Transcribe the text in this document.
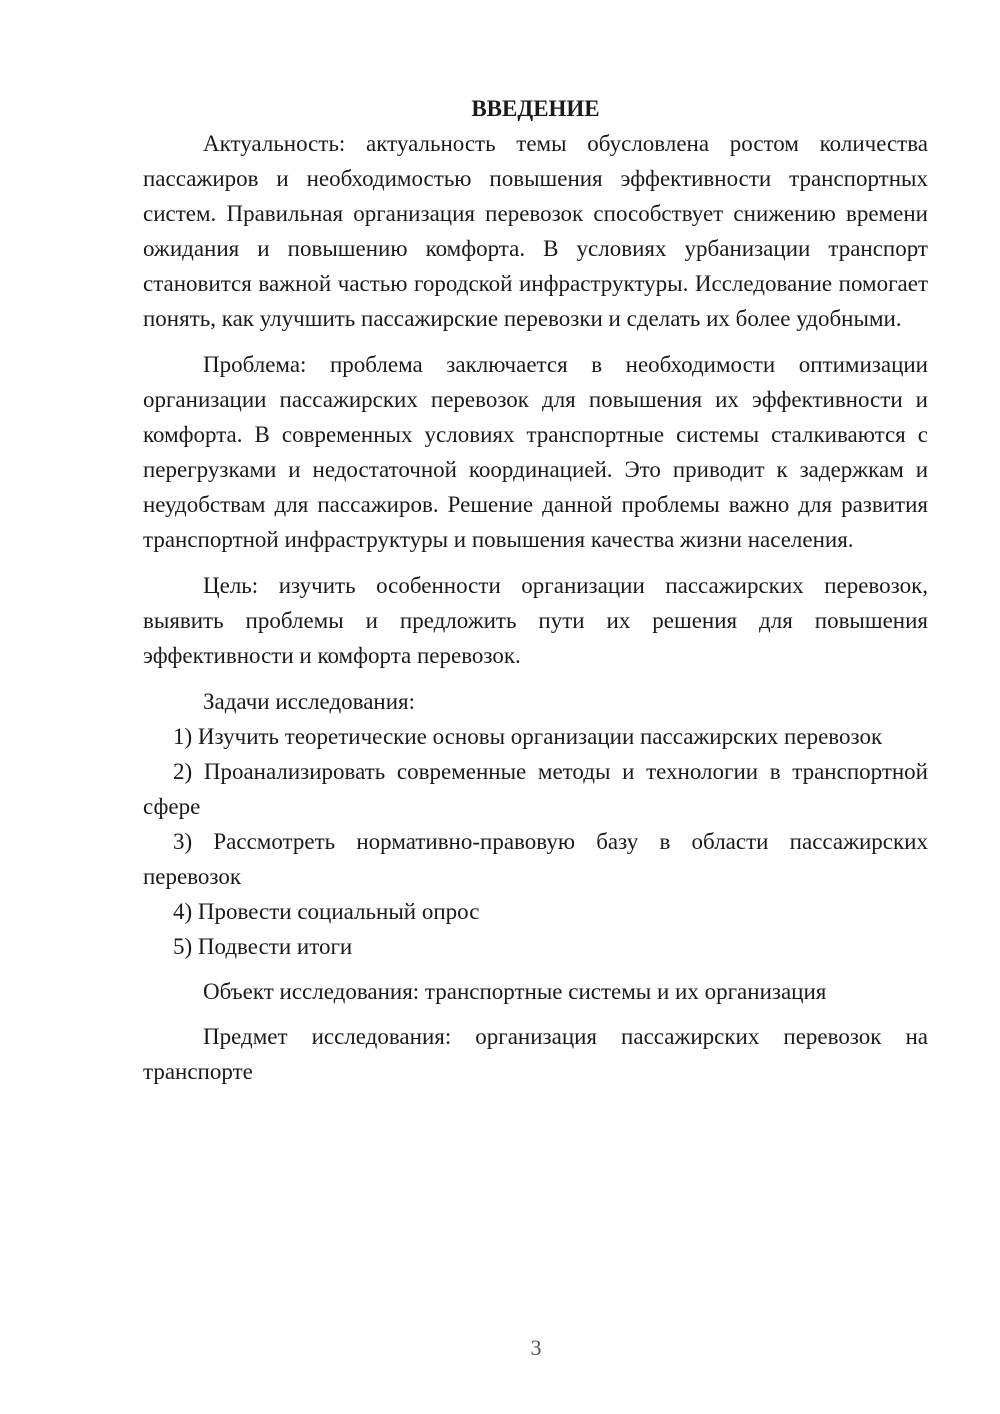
ВВЕДЕНИЕ

Актуальность: актуальность темы обусловлена ростом количества пассажиров и необходимостью повышения эффективности транспортных систем. Правильная организация перевозок способствует снижению времени ожидания и повышению комфорта. В условиях урбанизации транспорт становится важной частью городской инфраструктуры. Исследование помогает понять, как улучшить пассажирские перевозки и сделать их более удобными.

Проблема: проблема заключается в необходимости оптимизации организации пассажирских перевозок для повышения их эффективности и комфорта. В современных условиях транспортные системы сталкиваются с перегрузками и недостаточной координацией. Это приводит к задержкам и неудобствам для пассажиров. Решение данной проблемы важно для развития транспортной инфраструктуры и повышения качества жизни населения.

Цель: изучить особенности организации пассажирских перевозок, выявить проблемы и предложить пути их решения для повышения эффективности и комфорта перевозок.

Задачи исследования:

1) Изучить теоретические основы организации пассажирских перевозок

2) Проанализировать современные методы и технологии в транспортной сфере

3) Рассмотреть нормативно-правовую базу в области пассажирских перевозок

4) Провести социальный опрос

5) Подвести итоги

Объект исследования: транспортные системы и их организация

Предмет исследования: организация пассажирских перевозок на транспорте

3
